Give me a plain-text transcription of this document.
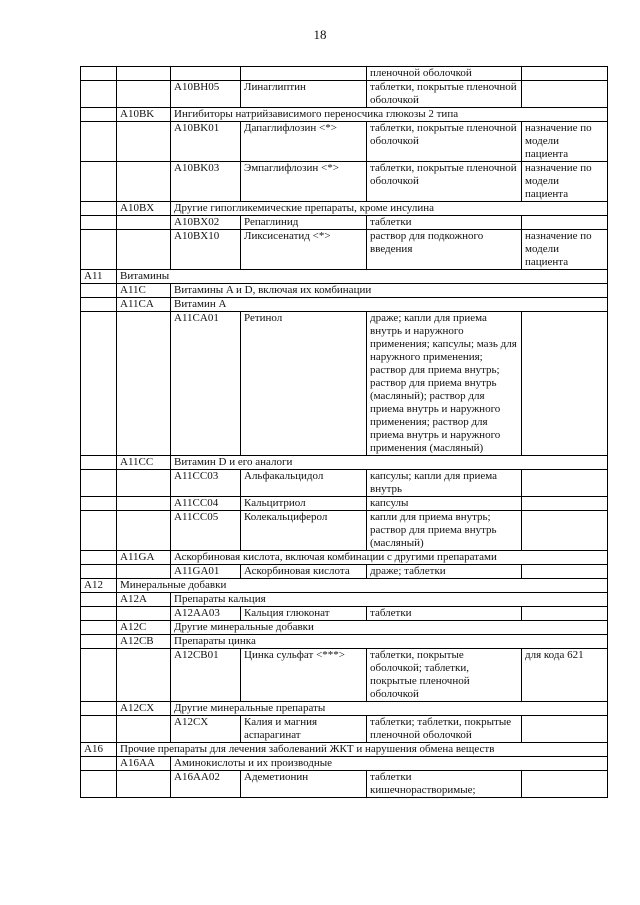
18
				пленочной оболочкой	
		A10BH05	Линаглиптин	таблетки, покрытые пленочной оболочкой	
	A10BK	Ингибиторы натрийзависимого переносчика глюкозы 2 типа			
		A10BK01	Дапаглифлозин <*>	таблетки, покрытые пленочной оболочкой	назначение по модели пациента
		A10BK03	Эмпаглифлозин <*>	таблетки, покрытые пленочной оболочкой	назначение по модели пациента
	A10BX	Другие гипогликемические препараты, кроме инсулина			
		A10BX02	Репаглинид	таблетки	
		A10BX10	Ликсисенатид <*>	раствор для подкожного введения	назначение по модели пациента
A11	Витамины				
	A11C	Витамины A и D, включая их комбинации			
	A11CA	Витамин A			
		A11CA01	Ретинол	драже; капли для приема внутрь и наружного применения; капсулы; мазь для наружного применения; раствор для приема внутрь; раствор для приема внутрь (масляный); раствор для приема внутрь и наружного применения; раствор для приема внутрь и наружного применения (масляный)	
	A11CC	Витамин D и его аналоги			
		A11CC03	Альфакальцидол	капсулы; капли для приема внутрь	
		A11CC04	Кальцитриол	капсулы	
		A11CC05	Колекальциферол	капли для приема внутрь; раствор для приема внутрь (масляный)	
	A11GA	Аскорбиновая кислота, включая комбинации с другими препаратами			
		A11GA01	Аскорбиновая кислота	драже; таблетки	
A12	Минеральные добавки				
	A12A	Препараты кальция			
		A12AA03	Кальция глюконат	таблетки	
	A12C	Другие минеральные добавки			
	A12CB	Препараты цинка			
		A12CB01	Цинка сульфат <***>	таблетки, покрытые оболочкой; таблетки, покрытые пленочной оболочкой	для кода 621
	A12CX	Другие минеральные препараты			
		A12CX	Калия и магния аспарагинат	таблетки; таблетки, покрытые пленочной оболочкой	
A16	Прочие препараты для лечения заболеваний ЖКТ и нарушения обмена веществ				
	A16AA	Аминокислоты и их производные			
		A16AA02	Адеметионин	таблетки кишечнорастворимые;	
